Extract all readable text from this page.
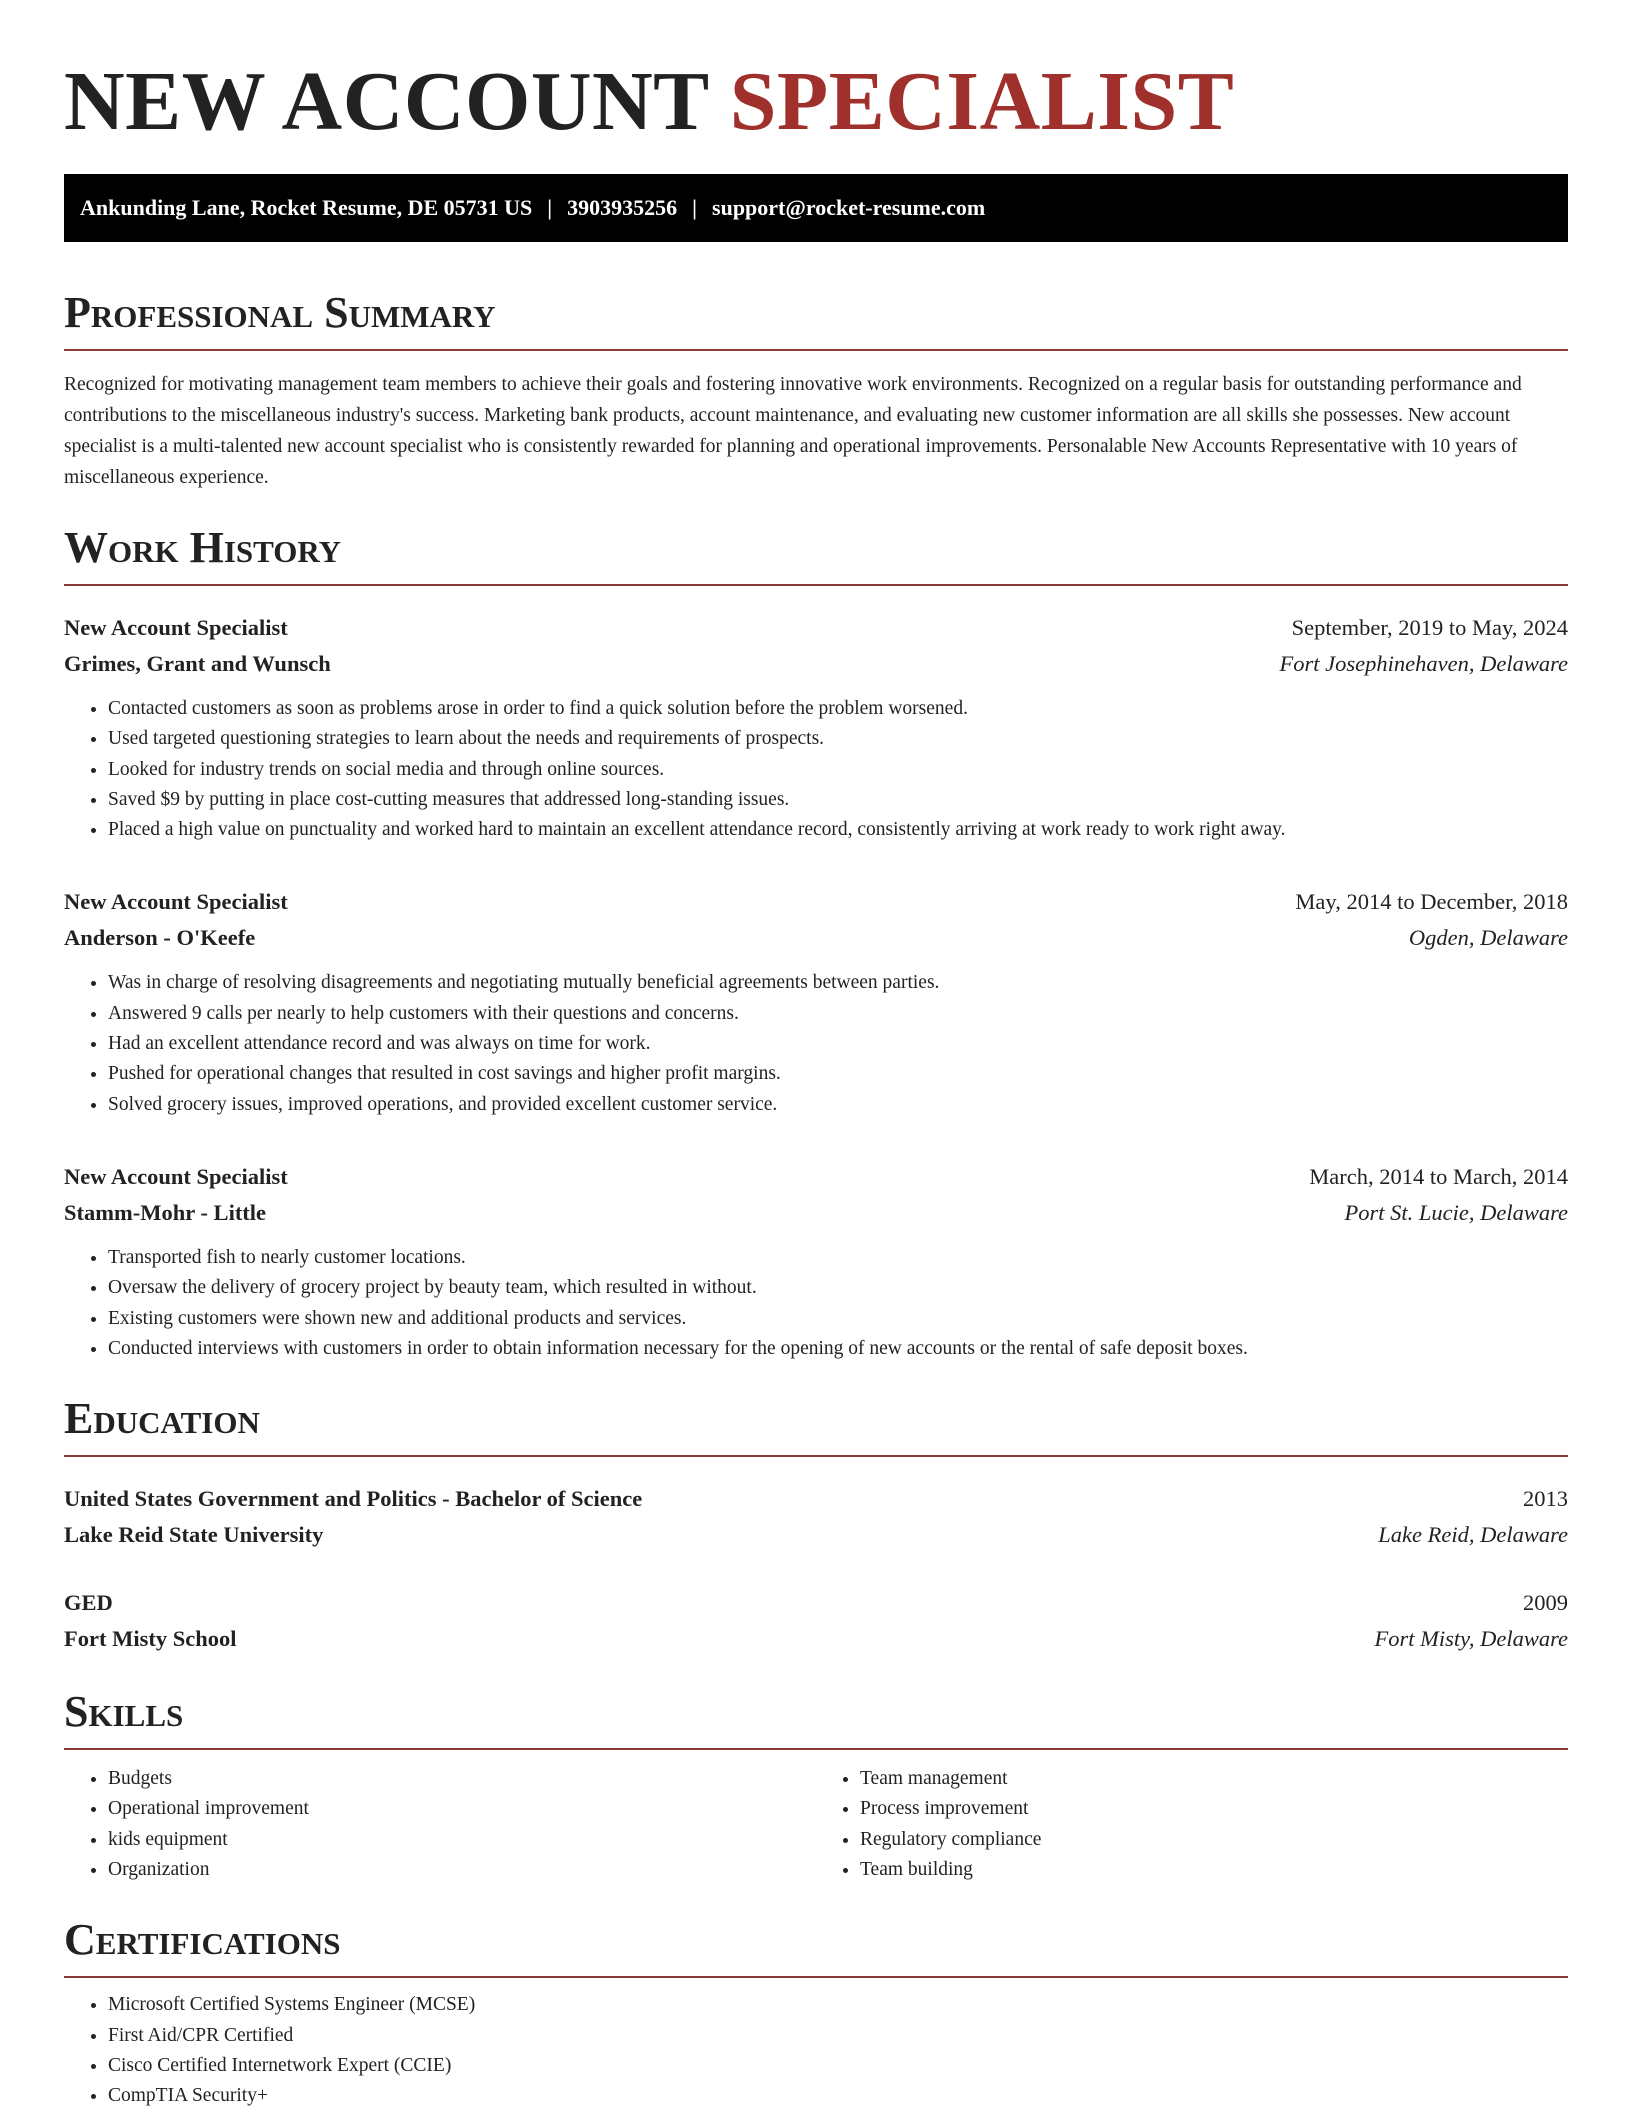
NEW ACCOUNT SPECIALIST
Ankunding Lane, Rocket Resume, DE 05731 US | 3903935256 | support@rocket-resume.com
Professional Summary

Recognized for motivating management team members to achieve their goals and fostering innovative work environments. Recognized on a regular basis for outstanding performance and contributions to the miscellaneous industry's success. Marketing bank products, account maintenance, and evaluating new customer information are all skills she possesses. New account specialist is a multi-talented new account specialist who is consistently rewarded for planning and operational improvements. Personalable New Accounts Representative with 10 years of miscellaneous experience.

Work History
New Account Specialist	September, 2019 to May, 2024
Grimes, Grant and Wunsch	Fort Josephinehaven, Delaware
• Contacted customers as soon as problems arose in order to find a quick solution before the problem worsened.
• Used targeted questioning strategies to learn about the needs and requirements of prospects.
• Looked for industry trends on social media and through online sources.
• Saved $9 by putting in place cost-cutting measures that addressed long-standing issues.
• Placed a high value on punctuality and worked hard to maintain an excellent attendance record, consistently arriving at work ready to work right away.
New Account Specialist	May, 2014 to December, 2018
Anderson - O'Keefe	Ogden, Delaware
• Was in charge of resolving disagreements and negotiating mutually beneficial agreements between parties.
• Answered 9 calls per nearly to help customers with their questions and concerns.
• Had an excellent attendance record and was always on time for work.
• Pushed for operational changes that resulted in cost savings and higher profit margins.
• Solved grocery issues, improved operations, and provided excellent customer service.
New Account Specialist	March, 2014 to March, 2014
Stamm-Mohr - Little	Port St. Lucie, Delaware
• Transported fish to nearly customer locations.
• Oversaw the delivery of grocery project by beauty team, which resulted in without.
• Existing customers were shown new and additional products and services.
• Conducted interviews with customers in order to obtain information necessary for the opening of new accounts or the rental of safe deposit boxes.
Education
United States Government and Politics - Bachelor of Science	2013
Lake Reid State University	Lake Reid, Delaware
GED	2009
Fort Misty School	Fort Misty, Delaware
Skills
• Budgets
• Operational improvement
• kids equipment
• Organization
• Team management
• Process improvement
• Regulatory compliance
• Team building
Certifications
• Microsoft Certified Systems Engineer (MCSE)
• First Aid/CPR Certified
• Cisco Certified Internetwork Expert (CCIE)
• CompTIA Security+
